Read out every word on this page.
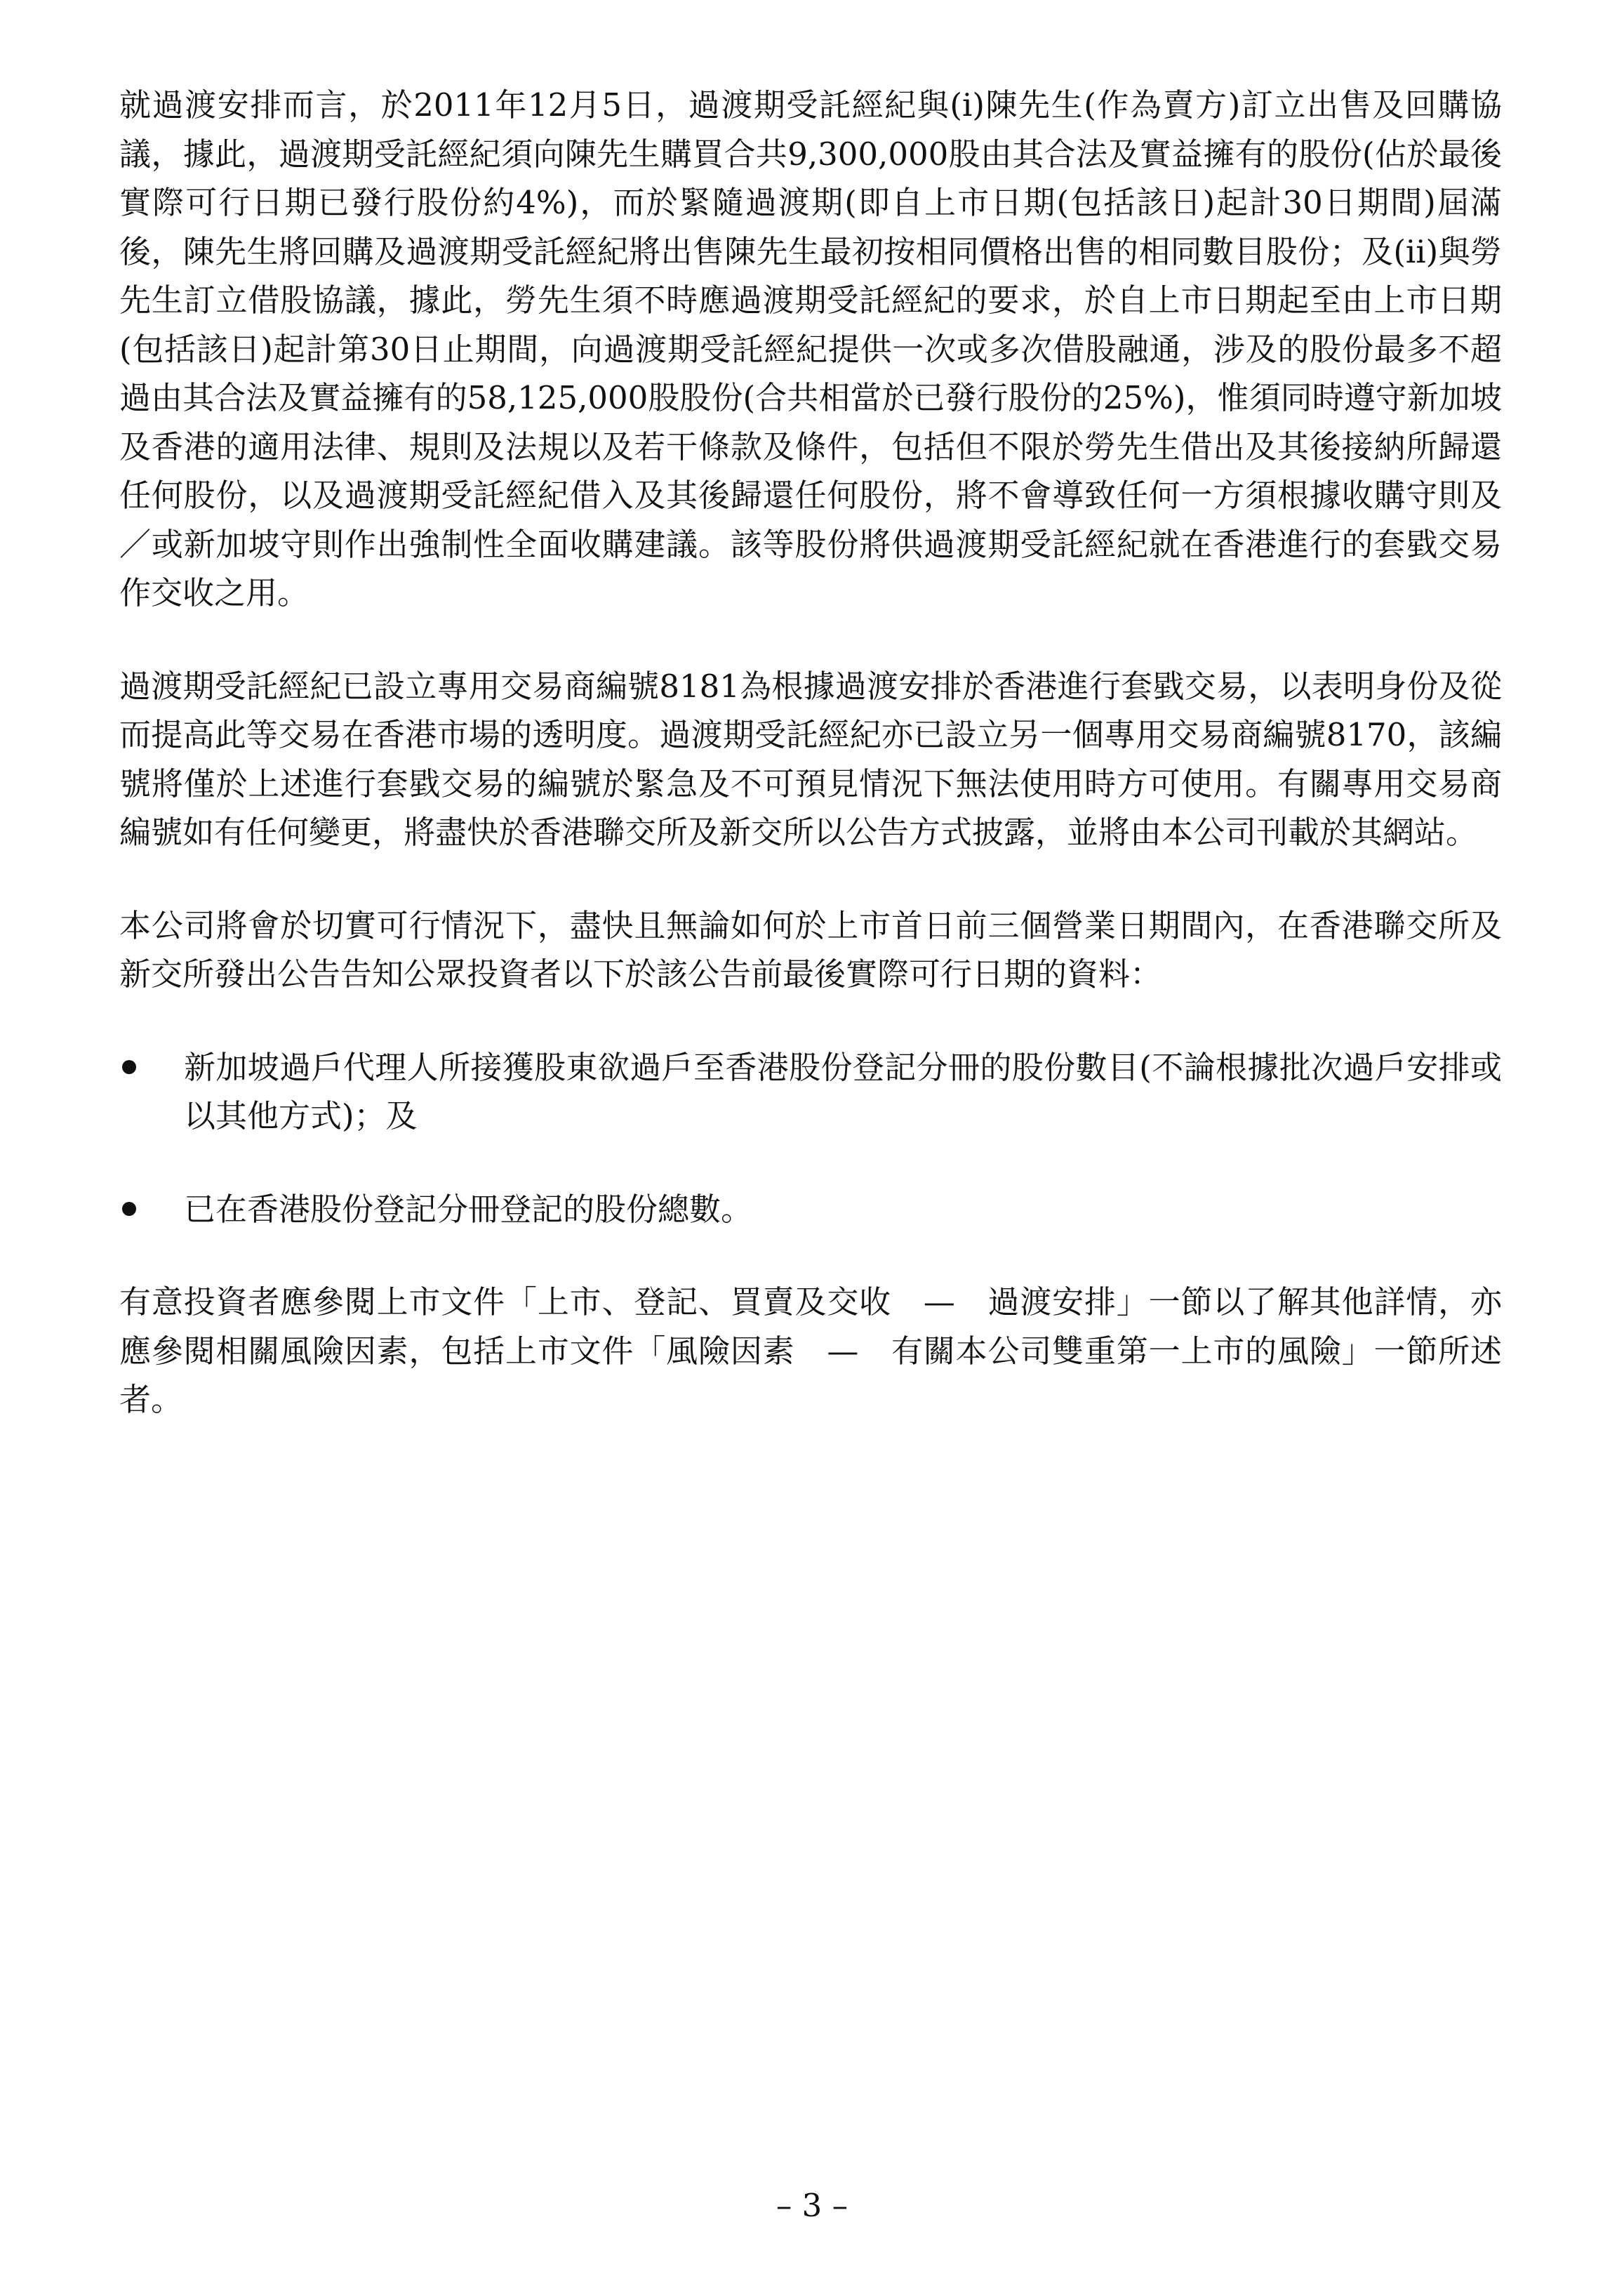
就過渡安排而言，於2011年12月5日，過渡期受託經紀與(i)陳先生(作為賣方)訂立出售及回購協議，據此，過渡期受託經紀須向陳先生購買合共9,300,000股由其合法及實益擁有的股份(佔於最後實際可行日期已發行股份約4%)，而於緊隨過渡期(即自上市日期(包括該日)起計30日期間)屆滿後，陳先生將回購及過渡期受託經紀將出售陳先生最初按相同價格出售的相同數目股份；及(ii)與勞先生訂立借股協議，據此，勞先生須不時應過渡期受託經紀的要求，於自上市日期起至由上市日期(包括該日)起計第30日止期間，向過渡期受託經紀提供一次或多次借股融通，涉及的股份最多不超過由其合法及實益擁有的58,125,000股股份(合共相當於已發行股份的25%)，惟須同時遵守新加坡及香港的適用法律、規則及法規以及若干條款及條件，包括但不限於勞先生借出及其後接納所歸還任何股份，以及過渡期受託經紀借入及其後歸還任何股份，將不會導致任何一方須根據收購守則及／或新加坡守則作出強制性全面收購建議。該等股份將供過渡期受託經紀就在香港進行的套戥交易作交收之用。

過渡期受託經紀已設立專用交易商編號8181為根據過渡安排於香港進行套戥交易，以表明身份及從而提高此等交易在香港市場的透明度。過渡期受託經紀亦已設立另一個專用交易商編號8170，該編號將僅於上述進行套戥交易的編號於緊急及不可預見情況下無法使用時方可使用。有關專用交易商編號如有任何變更，將盡快於香港聯交所及新交所以公告方式披露，並將由本公司刊載於其網站。

本公司將會於切實可行情況下，盡快且無論如何於上市首日前三個營業日期間內，在香港聯交所及新交所發出公告告知公眾投資者以下於該公告前最後實際可行日期的資料：

新加坡過戶代理人所接獲股東欲過戶至香港股份登記分冊的股份數目(不論根據批次過戶安排或以其他方式)；及
已在香港股份登記分冊登記的股份總數。

有意投資者應參閱上市文件「上市、登記、買賣及交收　—　過渡安排」一節以了解其他詳情，亦應參閱相關風險因素，包括上市文件「風險因素　—　有關本公司雙重第一上市的風險」一節所述者。

– 3 –
